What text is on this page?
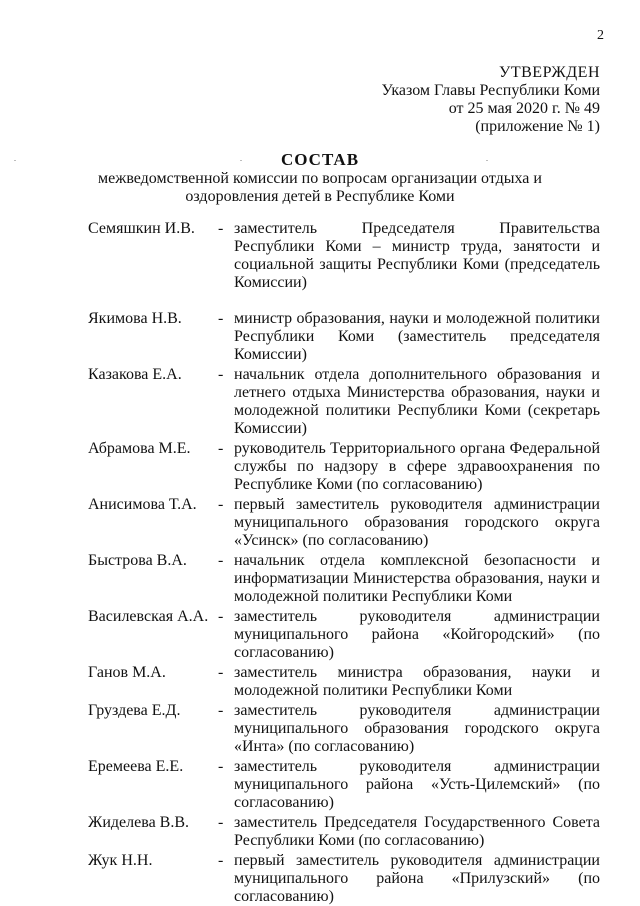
2
УТВЕРЖДЕН
Указом Главы Республики Коми
от 25 мая 2020 г. № 49
(приложение № 1)
СОСТАВ
межведомственной комиссии по вопросам организации отдыха и
оздоровления детей в Республике Коми
Семяшкин И.В.	- заместитель Председателя Правительства Республики Коми – министр труда, занятости и социальной защиты Республики Коми (председатель Комиссии)
Якимова Н.В.	- министр образования, науки и молодежной политики Республики Коми (заместитель председателя Комиссии)
Казакова Е.А.	- начальник отдела дополнительного образования и летнего отдыха Министерства образования, науки и молодежной политики Республики Коми (секретарь Комиссии)
Абрамова М.Е.	- руководитель Территориального органа Федеральной службы по надзору в сфере здравоохранения по Республике Коми (по согласованию)
Анисимова Т.А.	- первый заместитель руководителя администрации муниципального образования городского округа «Усинск» (по согласованию)
Быстрова В.А.	- начальник отдела комплексной безопасности и информатизации Министерства образования, науки и молодежной политики Республики Коми
Василевская А.А. - заместитель руководителя администрации муниципального района «Койгородский» (по согласованию)
Ганов М.А.	- заместитель министра образования, науки и молодежной политики Республики Коми
Груздева Е.Д.	- заместитель руководителя администрации муниципального образования городского округа «Инта» (по согласованию)
Еремеева Е.Е.	- заместитель руководителя администрации муниципального района «Усть-Цилемский» (по согласованию)
Жиделева В.В.	- заместитель Председателя Государственного Совета Республики Коми (по согласованию)
Жук Н.Н.	- первый заместитель руководителя администрации муниципального района «Прилузский» (по согласованию)
